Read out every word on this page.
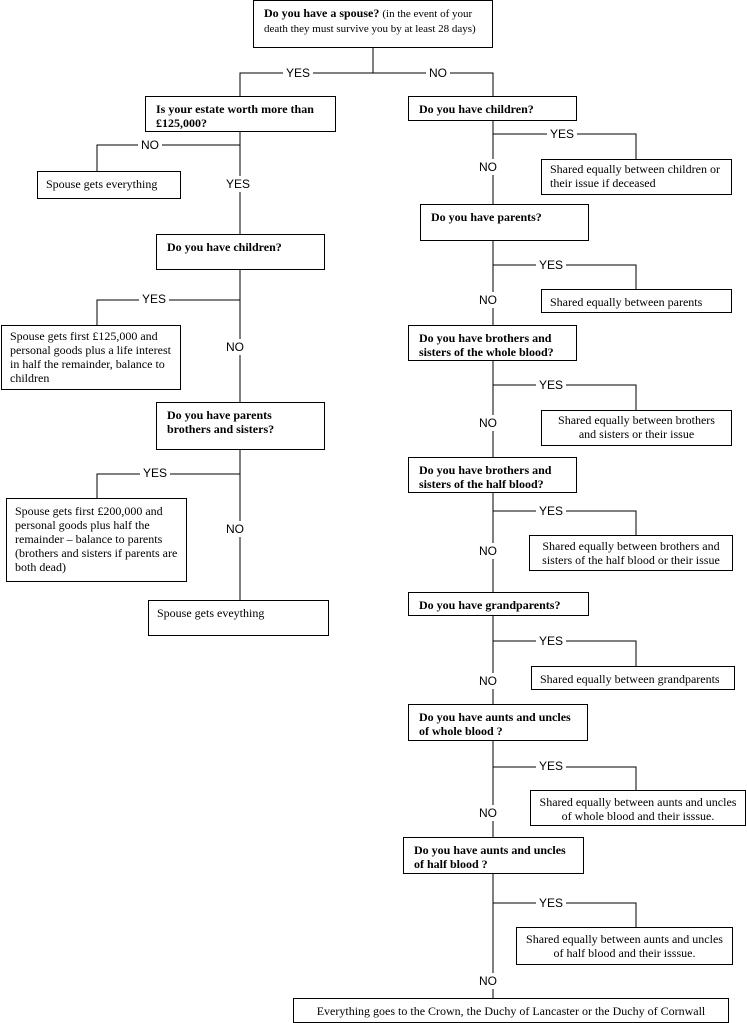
Do you have a spouse? (in the event of your death they must survive you by at least 28 days)
Is your estate worth more than £125,000?
Do you have children?
Do you have parents brothers and sisters?
Do you have children?
Do you have parents?
Do you have brothers and sisters of the whole blood?
Do you have brothers and sisters of the half blood?
Do you have grandparents?
Do you have aunts and uncles of whole blood ?
Do you have aunts and uncles of half blood ?
Spouse gets everything
Spouse gets first £125,000 and personal goods plus a life interest in half the remainder, balance to children
Spouse gets first £200,000 and personal goods plus half the remainder – balance to parents (brothers and sisters if parents are both dead)
Spouse gets eveything
Shared equally between children or their issue if deceased
Shared equally between parents
Shared equally between brothers and sisters or their issue
Shared equally between brothers and sisters of the half blood or their issue
Shared equally between grandparents
Shared equally between aunts and uncles of whole blood and their isssue.
Shared equally between aunts and uncles of half blood and their isssue.
Everything goes to the Crown, the Duchy of Lancaster or the Duchy of Cornwall
YES	NO
NO
YES
YES
NO
YES
NO
YES
NO
YES
NO
YES
NO
YES
NO
YES
NO
YES
NO
YES
NO
